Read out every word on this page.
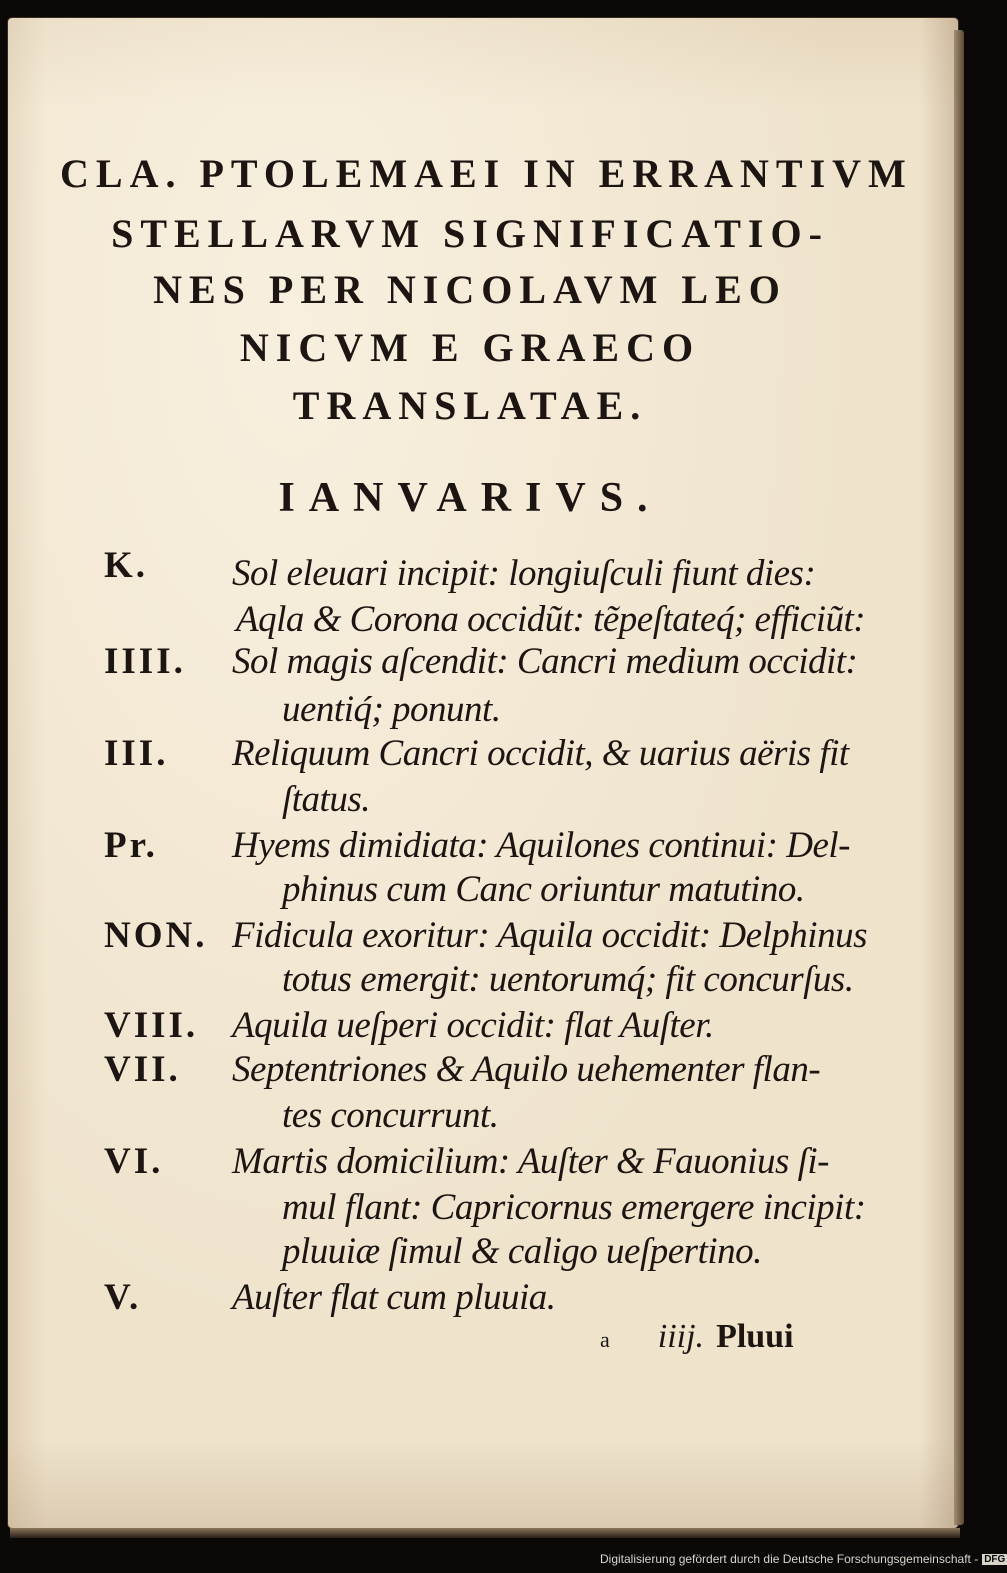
CLA. PTOLEMAEI IN ERRANTIVM
STELLARVM SIGNIFICATIO-
NES PER NICOLAVM LEO
NICVM E GRAECO
TRANSLATAE.
IANVARIVS.
K. Sol eleuari incipit: longiuſculi fiunt dies:
Aqla & Corona occidũt: tẽpeſtateq́; efficiũt:
IIII. Sol magis aſcendit: Cancri medium occidit:
uentiq́; ponunt.
III. Reliquum Cancri occidit, & uarius aëris fit
ſtatus.
Pr. Hyems dimidiata: Aquilones continui: Del-
phinus cum Canc oriuntur matutino.
NON. Fidicula exoritur: Aquila occidit: Delphinus
totus emergit: uentorumq́; fit concurſus.
VIII. Aquila ueſperi occidit: flat Auſter.
VII. Septentriones & Aquilo uehementer flan-
tes concurrunt.
VI. Martis domicilium: Auſter & Fauonius ſi-
mul flant: Capricornus emergere incipit:
pluuiæ ſimul & caligo ueſpertino.
V. Auſter flat cum pluuia.
a iiij. Pluui
Digitalisierung gefördert durch die Deutsche Forschungsgemeinschaft - DFG
